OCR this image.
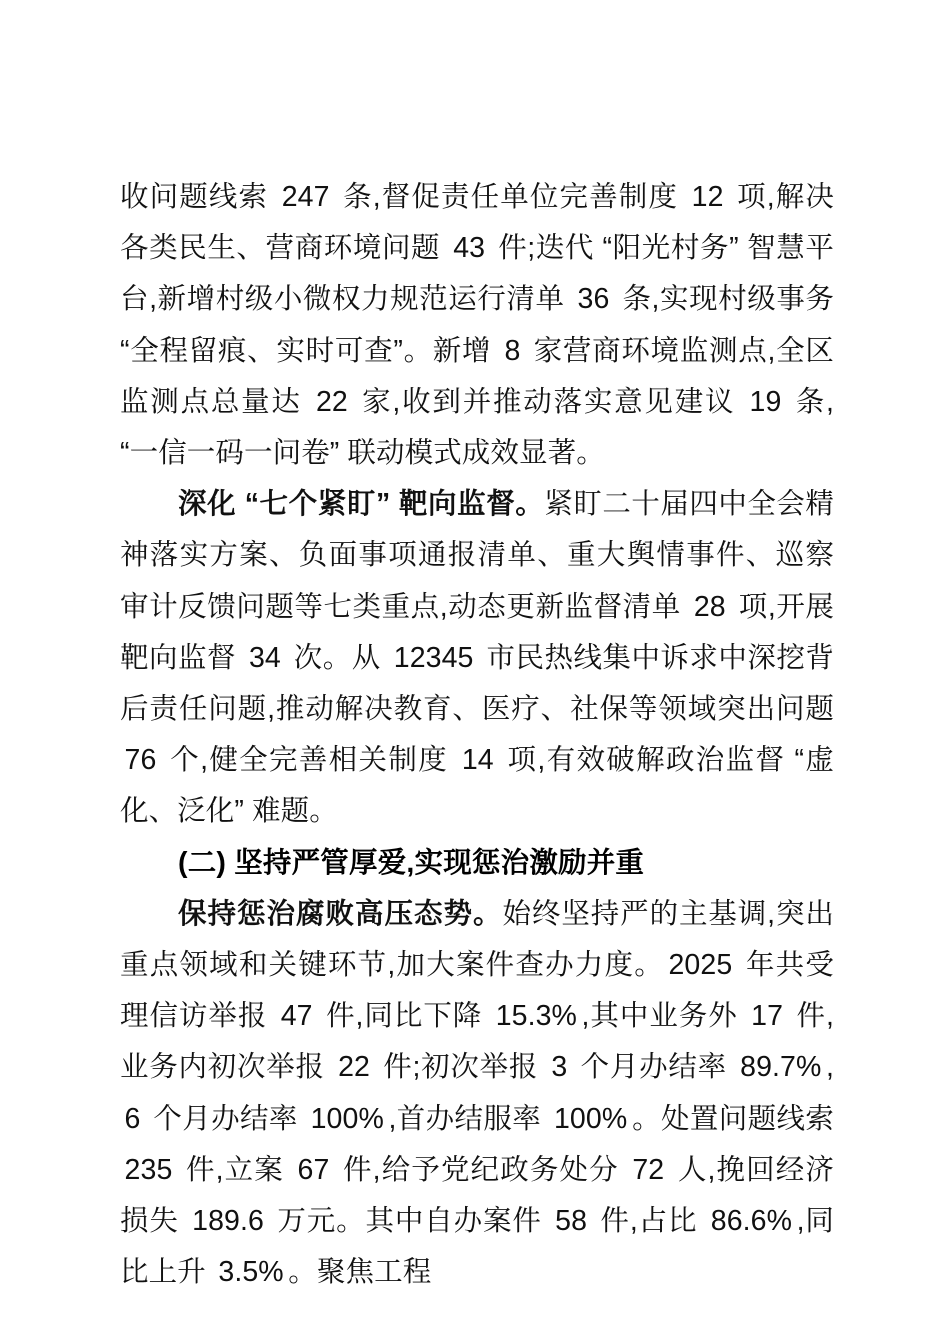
收问题线索 247 条,督促责任单位完善制度 12 项,解决各类民生、营商环境问题 43 件;迭代 “阳光村务” 智慧平台,新增村级小微权力规范运行清单 36 条,实现村级事务 “全程留痕、实时可查”。新增 8 家营商环境监测点,全区监测点总量达 22 家,收到并推动落实意见建议 19 条, “一信一码一问卷” 联动模式成效显著。

深化 “七个紧盯” 靶向监督。紧盯二十届四中全会精神落实方案、负面事项通报清单、重大舆情事件、巡察审计反馈问题等七类重点,动态更新监督清单 28 项,开展靶向监督 34 次。从 12345 市民热线集中诉求中深挖背后责任问题,推动解决教育、医疗、社保等领域突出问题 76 个,健全完善相关制度 14 项,有效破解政治监督 “虚化、泛化” 难题。

(二) 坚持严管厚爱,实现惩治激励并重

保持惩治腐败高压态势。始终坚持严的主基调,突出重点领域和关键环节,加大案件查办力度。 2025 年共受理信访举报 47 件,同比下降 15.3% ,其中业务外 17 件,业务内初次举报 22 件;初次举报 3 个月办结率 89.7% ,6 个月办结率 100% ,首办结服率 100% 。处置问题线索 235 件,立案 67 件,给予党纪政务处分 72 人,挽回经济损失 189.6 万元。其中自办案件 58 件,占比 86.6% ,同比上升 3.5% 。聚焦工程
